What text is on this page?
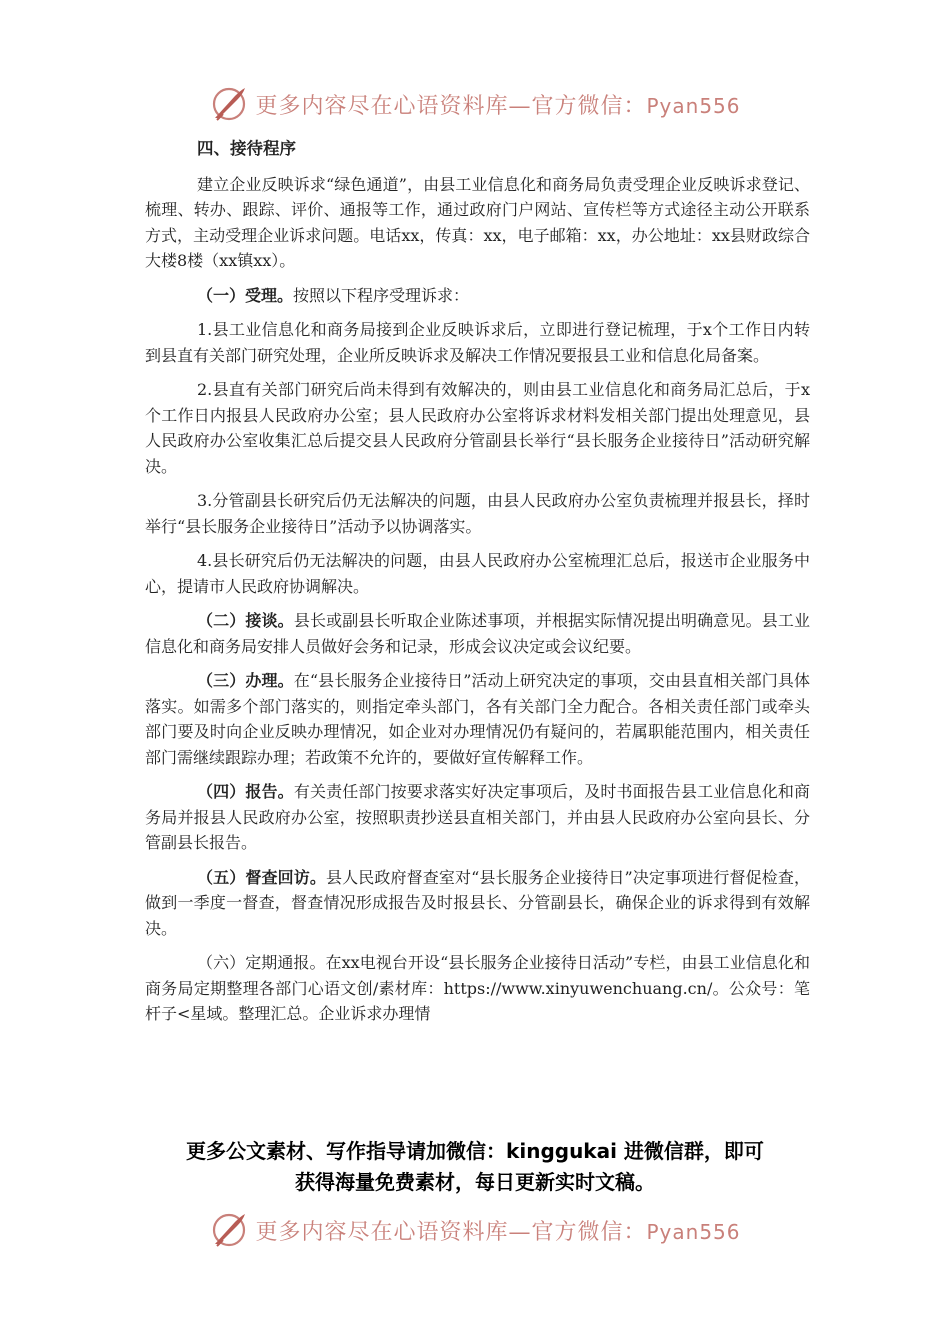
更多内容尽在心语资料库—官方微信：Pyan556
四、接待程序

建立企业反映诉求“绿色通道”，由县工业信息化和商务局负责受理企业反映诉求登记、梳理、转办、跟踪、评价、通报等工作，通过政府门户网站、宣传栏等方式途径主动公开联系方式，主动受理企业诉求问题。电话xx，传真：xx，电子邮箱：xx，办公地址：xx县财政综合大楼8楼（xx镇xx）。

（一）受理。按照以下程序受理诉求：

1.县工业信息化和商务局接到企业反映诉求后，立即进行登记梳理，于x个工作日内转到县直有关部门研究处理，企业所反映诉求及解决工作情况要报县工业和信息化局备案。

2.县直有关部门研究后尚未得到有效解决的，则由县工业信息化和商务局汇总后，于x个工作日内报县人民政府办公室；县人民政府办公室将诉求材料发相关部门提出处理意见，县人民政府办公室收集汇总后提交县人民政府分管副县长举行“县长服务企业接待日”活动研究解决。

3.分管副县长研究后仍无法解决的问题，由县人民政府办公室负责梳理并报县长，择时举行“县长服务企业接待日”活动予以协调落实。

4.县长研究后仍无法解决的问题，由县人民政府办公室梳理汇总后，报送市企业服务中心，提请市人民政府协调解决。

（二）接谈。县长或副县长听取企业陈述事项，并根据实际情况提出明确意见。县工业信息化和商务局安排人员做好会务和记录，形成会议决定或会议纪要。

（三）办理。在“县长服务企业接待日”活动上研究决定的事项，交由县直相关部门具体落实。如需多个部门落实的，则指定牵头部门，各有关部门全力配合。各相关责任部门或牵头部门要及时向企业反映办理情况，如企业对办理情况仍有疑问的，若属职能范围内，相关责任部门需继续跟踪办理；若政策不允许的，要做好宣传解释工作。

（四）报告。有关责任部门按要求落实好决定事项后，及时书面报告县工业信息化和商务局并报县人民政府办公室，按照职责抄送县直相关部门，并由县人民政府办公室向县长、分管副县长报告。

（五）督查回访。县人民政府督查室对“县长服务企业接待日”决定事项进行督促检查，做到一季度一督查，督查情况形成报告及时报县长、分管副县长，确保企业的诉求得到有效解决。

（六）定期通报。在xx电视台开设“县长服务企业接待日活动”专栏，由县工业信息化和商务局定期整理各部门心语文创/素材库：https://www.xinyuwenchuang.cn/。公众号：笔杆子<星域。整理汇总。企业诉求办理情

更多公文素材、写作指导请加微信：kinggukai 进微信群，即可
获得海量免费素材，每日更新实时文稿。
更多内容尽在心语资料库—官方微信：Pyan556
